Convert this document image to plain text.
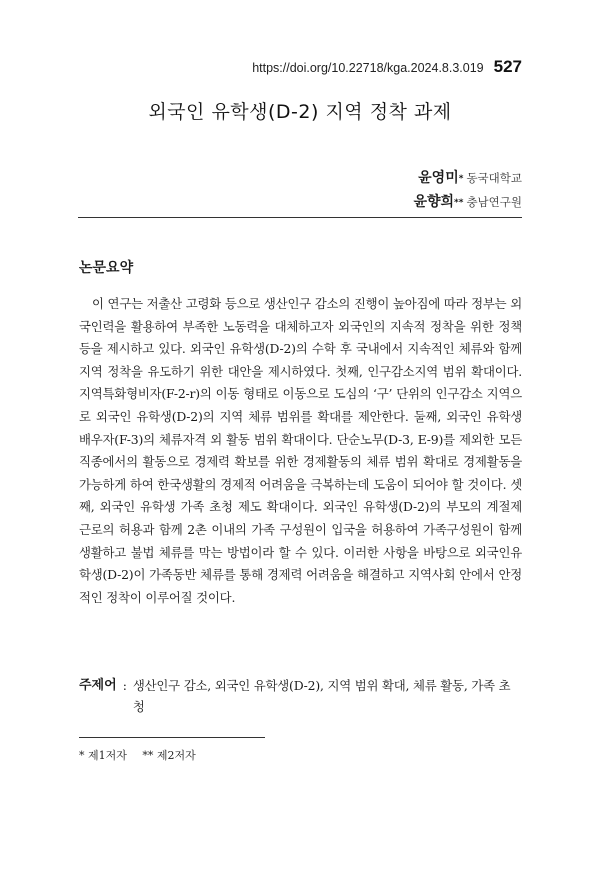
https://doi.org/10.22718/kga.2024.8.3.019 527
외국인 유학생(D-2) 지역 정착 과제
윤영미* 동국대학교
윤향희** 충남연구원
논문요약

이 연구는 저출산 고령화 등으로 생산인구 감소의 진행이 높아짐에 따라 정부는 외국인력을 활용하여 부족한 노동력을 대체하고자 외국인의 지속적 정착을 위한 정책 등을 제시하고 있다. 외국인 유학생(D-2)의 수학 후 국내에서 지속적인 체류와 함께 지역 정착을 유도하기 위한 대안을 제시하였다. 첫째, 인구감소지역 범위 확대이다. 지역특화형비자(F-2-r)의 이동 형태로 이동으로 도심의 ‘구’ 단위의 인구감소 지역으로 외국인 유학생(D-2)의 지역 체류 범위를 확대를 제안한다. 둘째, 외국인 유학생 배우자(F-3)의 체류자격 외 활동 범위 확대이다. 단순노무(D-3, E-9)를 제외한 모든 직종에서의 활동으로 경제력 확보를 위한 경제활동의 체류 범위 확대로 경제활동을 가능하게 하여 한국생활의 경제적 어려움을 극복하는데 도움이 되어야 할 것이다. 셋째, 외국인 유학생 가족 초청 제도 확대이다. 외국인 유학생(D-2)의 부모의 계절제 근로의 허용과 함께 2촌 이내의 가족 구성원이 입국을 허용하여 가족구성원이 함께 생활하고 불법 체류를 막는 방법이라 할 수 있다. 이러한 사항을 바탕으로 외국인유학생(D-2)이 가족동반 체류를 통해 경제력 어려움을 해결하고 지역사회 안에서 안정적인 정착이 이루어질 것이다.

주제어 : 생산인구 감소, 외국인 유학생(D-2), 지역 범위 확대, 체류 활동, 가족 초청
* 제1저자 ** 제2저자
